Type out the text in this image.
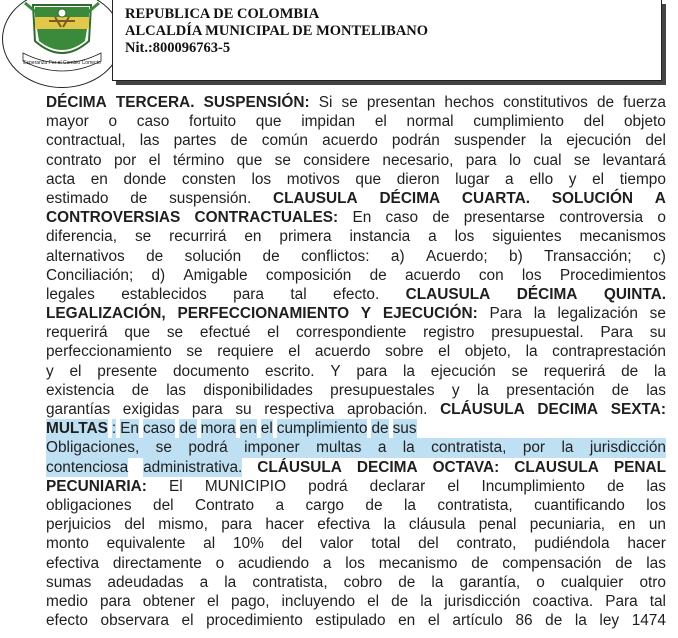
Esperanza Por el Cambio Correcto
REPUBLICA DE COLOMBIA
ALCALDÍA MUNICIPAL DE MONTELIBANO
Nit.:800096763-5
DÉCIMA TERCERA. SUSPENSIÓN: Si se presentan hechos constitutivos de fuerza
mayor o caso fortuito que impidan el normal cumplimiento del objeto
contractual, las partes de común acuerdo podrán suspender la ejecución del
contrato por el término que se considere necesario, para lo cual se levantará
acta en donde consten los motivos que dieron lugar a ello y el tiempo
estimado de suspensión. CLAUSULA DÉCIMA CUARTA. SOLUCIÓN A
CONTROVERSIAS CONTRACTUALES: En caso de presentarse controversia o
diferencia, se recurrirá en primera instancia a los siguientes mecanismos
alternativos de solución de conflictos: a) Acuerdo; b) Transacción; c)
Conciliación; d) Amigable composición de acuerdo con los Procedimientos
legales establecidos para tal efecto. CLAUSULA DÉCIMA QUINTA.
LEGALIZACIÓN, PERFECCIONAMIENTO Y EJECUCIÓN: Para la legalización se
requerirá que se efectué el correspondiente registro presupuestal. Para su
perfeccionamiento se requiere el acuerdo sobre el objeto, la contraprestación
y el presente documento escrito. Y para la ejecución se requerirá de la
existencia de las disponibilidades presupuestales y la presentación de las
garantías exigidas para su respectiva aprobación. CLÁUSULA DECIMA SEXTA:
MULTAS : En caso de mora en el cumplimiento de sus
Obligaciones, se podrá imponer multas a la contratista, por la jurisdicción
contenciosa administrativa. CLÁUSULA DECIMA OCTAVA: CLAUSULA PENAL
PECUNIARIA: El MUNICIPIO podrá declarar el Incumplimiento de las
obligaciones del Contrato a cargo de la contratista, cuantificando los
perjuicios del mismo, para hacer efectiva la cláusula penal pecuniaria, en un
monto equivalente al 10% del valor total del contrato, pudiéndola hacer
efectiva directamente o acudiendo a los mecanismo de compensación de las
sumas adeudadas a la contratista, cobro de la garantía, o cualquier otro
medio para obtener el pago, incluyendo el de la jurisdicción coactiva. Para tal
efecto observara el procedimiento estipulado en el artículo 86 de la ley 1474
